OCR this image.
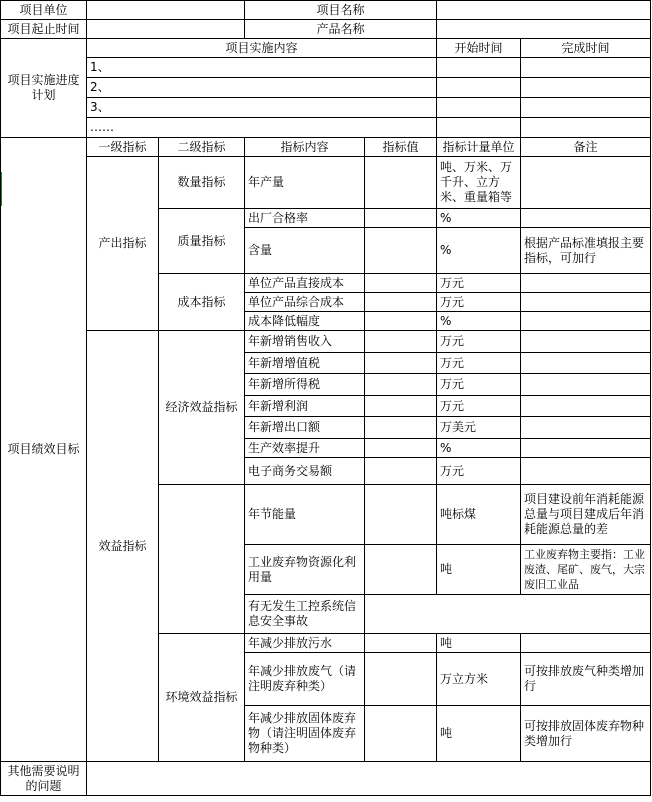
项目单位			项目名称			
项目起止时间			产品名称			
项目实施进度计划	项目实施内容				开始时间	完成时间
	1、					
	2、					
	3、					
	……					
项目绩效目标	一级指标	二级指标	指标内容	指标值	指标计量单位	备注
	产出指标	数量指标	年产量		吨、万米、万千升、立方米、重量箱等	
		质量指标	出厂合格率		%	
			含量		%	根据产品标准填报主要指标，可加行
		成本指标	单位产品直接成本		万元	
			单位产品综合成本		万元	
			成本降低幅度		%	
	效益指标	经济效益指标	年新增销售收入		万元	
			年新增增值税		万元	
			年新增所得税		万元	
			年新增利润		万元	
			年新增出口额		万美元	
			生产效率提升		%	
			电子商务交易额		万元	
			年节能量		吨标煤	项目建设前年消耗能源总量与项目建成后年消耗能源总量的差
			工业废弃物资源化利用量		吨	工业废弃物主要指：工业废渣、尾矿、废气，大宗废旧工业品
			有无发生工控系统信息安全事故			
		环境效益指标	年减少排放污水		吨	
			年减少排放废气（请注明废弃种类）		万立方米	可按排放废气种类增加行
			年减少排放固体废弃物（请注明固体废弃物种类）		吨	可按排放固体废弃物种类增加行
其他需要说明的问题						
